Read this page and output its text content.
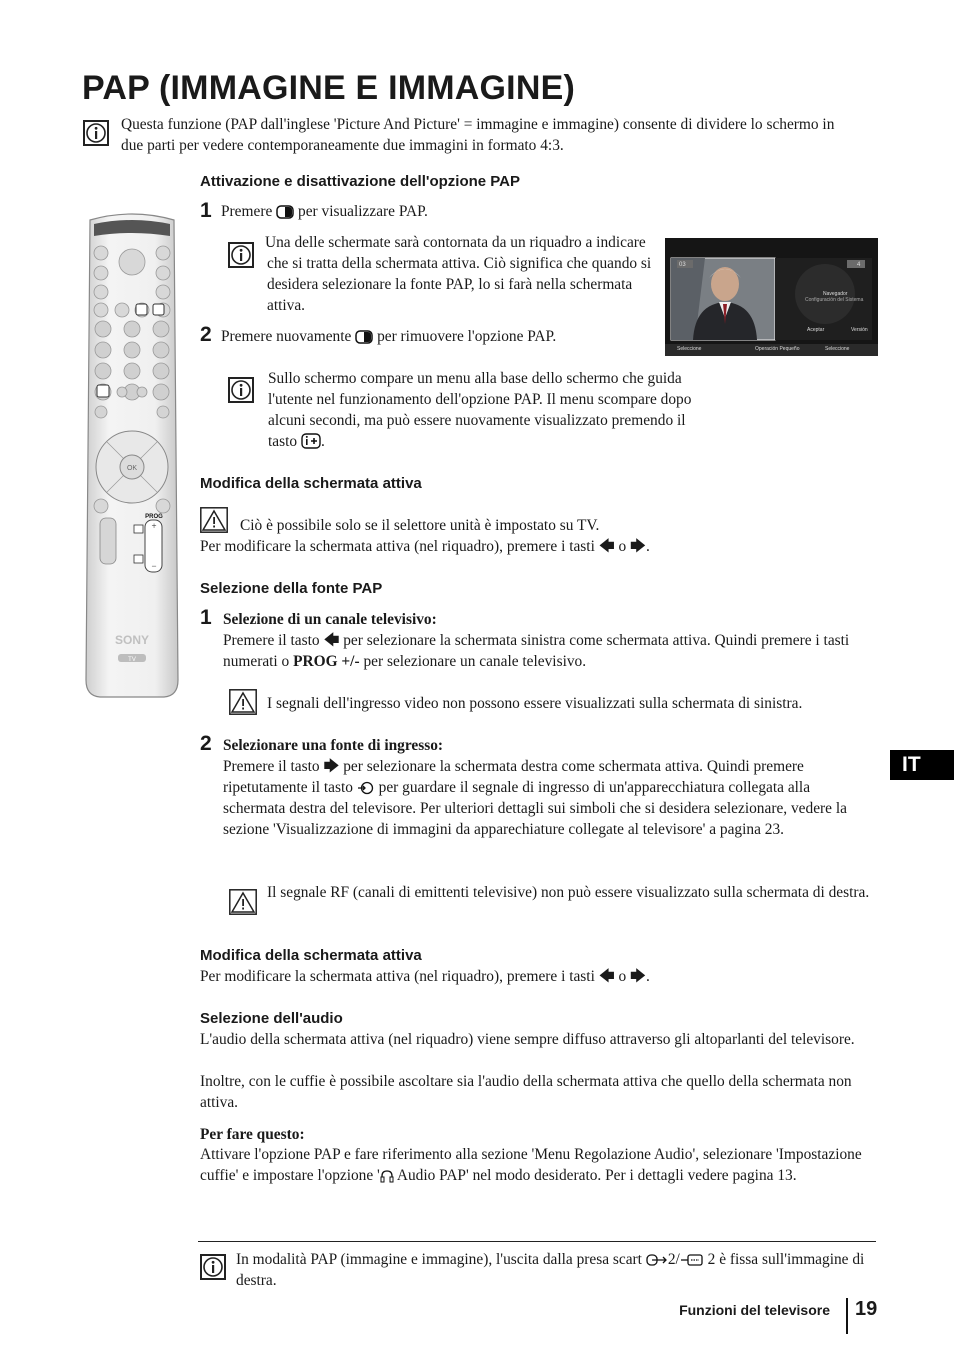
PAP (IMMAGINE E IMMAGINE)

Questa funzione (PAP dall'inglese 'Picture And Picture' = immagine e immagine) consente di dividere lo schermo in due parti per vedere contemporaneamente due immagini in formato 4:3.

OK
+
−
PROG
SONY
TV
Attivazione e disattivazione dell'opzione PAP
1 Premere per visualizzare PAP.

Una delle schermate sarà contornata da un riquadro a indicare che si tratta della schermata attiva. Ciò significa che quando si desidera selezionare la fonte PAP, lo si farà nella schermata attiva.

03	4
Navegador
Configuración del Sistema
Aceptar	Versión
Seleccione	Operación Pequeño	Seleccione
2 Premere nuovamente per rimuovere l'opzione PAP.

Sullo schermo compare un menu alla base dello schermo che guida l'utente nel funzionamento dell'opzione PAP. Il menu scompare dopo alcuni secondi, ma può essere nuovamente visualizzato premendo il tasto .

Modifica della schermata attiva

Ciò è possibile solo se il selettore unità è impostato su TV.

Per modificare la schermata attiva (nel riquadro), premere i tasti 🡄 o 🡆.

Selezione della fonte PAP
1 Selezione di un canale televisivo:

Premere il tasto 🡄 per selezionare la schermata sinistra come schermata attiva. Quindi premere i tasti numerati o PROG +/- per selezionare un canale televisivo.

I segnali dell'ingresso video non possono essere visualizzati sulla schermata di sinistra.

2 Selezionare una fonte di ingresso:

Premere il tasto 🡆 per selezionare la schermata destra come schermata attiva. Quindi premere ripetutamente il tasto per guardare il segnale di ingresso di un'apparecchiatura collegata alla schermata destra del televisore. Per ulteriori dettagli sui simboli che si desidera selezionare, vedere la sezione 'Visualizzazione di immagini da apparechiature collegate al televisore' a pagina 23.

Il segnale RF (canali di emittenti televisive) non può essere visualizzato sulla schermata di destra.

Modifica della schermata attiva

Per modificare la schermata attiva (nel riquadro), premere i tasti 🡄 o 🡆.

Selezione dell'audio

L'audio della schermata attiva (nel riquadro) viene sempre diffuso attraverso gli altoparlanti del televisore.

Inoltre, con le cuffie è possibile ascoltare sia l'audio della schermata attiva che quello della schermata non attiva.

Per fare questo:

Attivare l'opzione PAP e fare riferimento alla sezione 'Menu Regolazione Audio', selezionare 'Impostazione cuffie' e impostare l'opzione ' Audio PAP' nel modo desiderato. Per i dettagli vedere pagina 13.

In modalità PAP (immagine e immagine), l'uscita dalla presa scart 2/ 2 è fissa sull'immagine di destra.

IT
Funzioni del televisore	19
